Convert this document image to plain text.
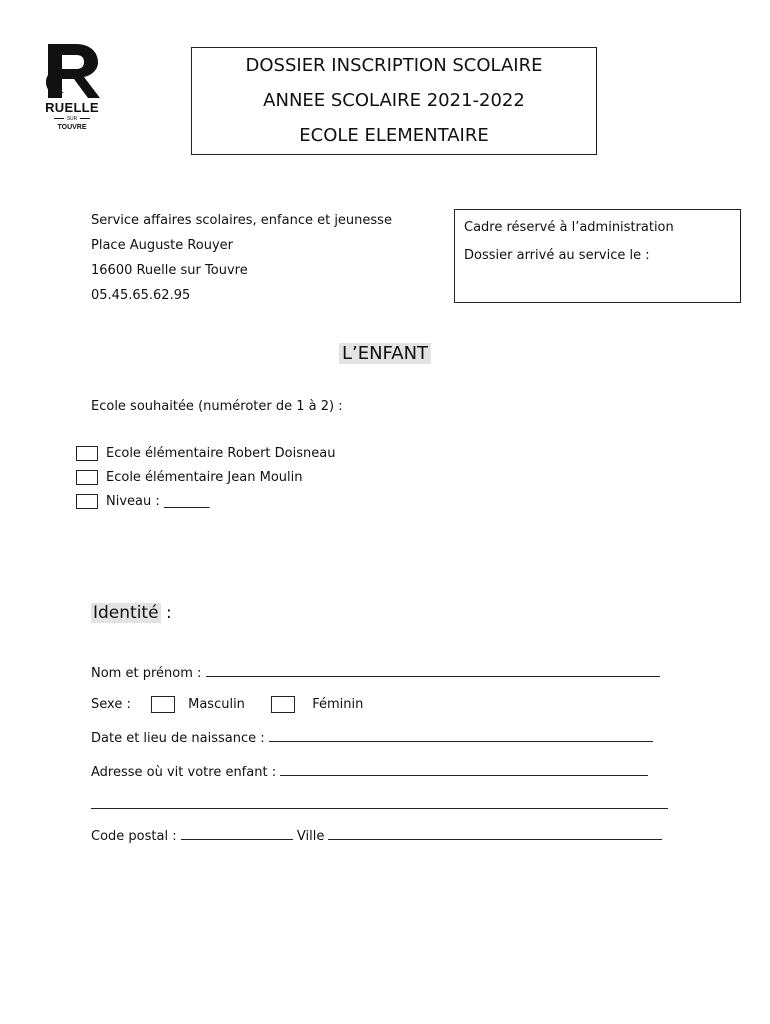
RUELLE
SUR
TOUVRE
DOSSIER INSCRIPTION SCOLAIRE
ANNEE SCOLAIRE 2021-2022
ECOLE ELEMENTAIRE
Service affaires scolaires, enfance et jeunesse
Place Auguste Rouyer
16600 Ruelle sur Touvre
05.45.65.62.95
Cadre réservé à l’administration
Dossier arrivé au service le :
L’ENFANT
Ecole souhaitée (numéroter de 1 à 2) :
Ecole élémentaire Robert Doisneau
Ecole élémentaire Jean Moulin
Niveau : _______
Identité :
Nom et prénom :
Sexe :	Masculin	Féminin
Date et lieu de naissance :
Adresse où vit votre enfant :
Code postal :	Ville
